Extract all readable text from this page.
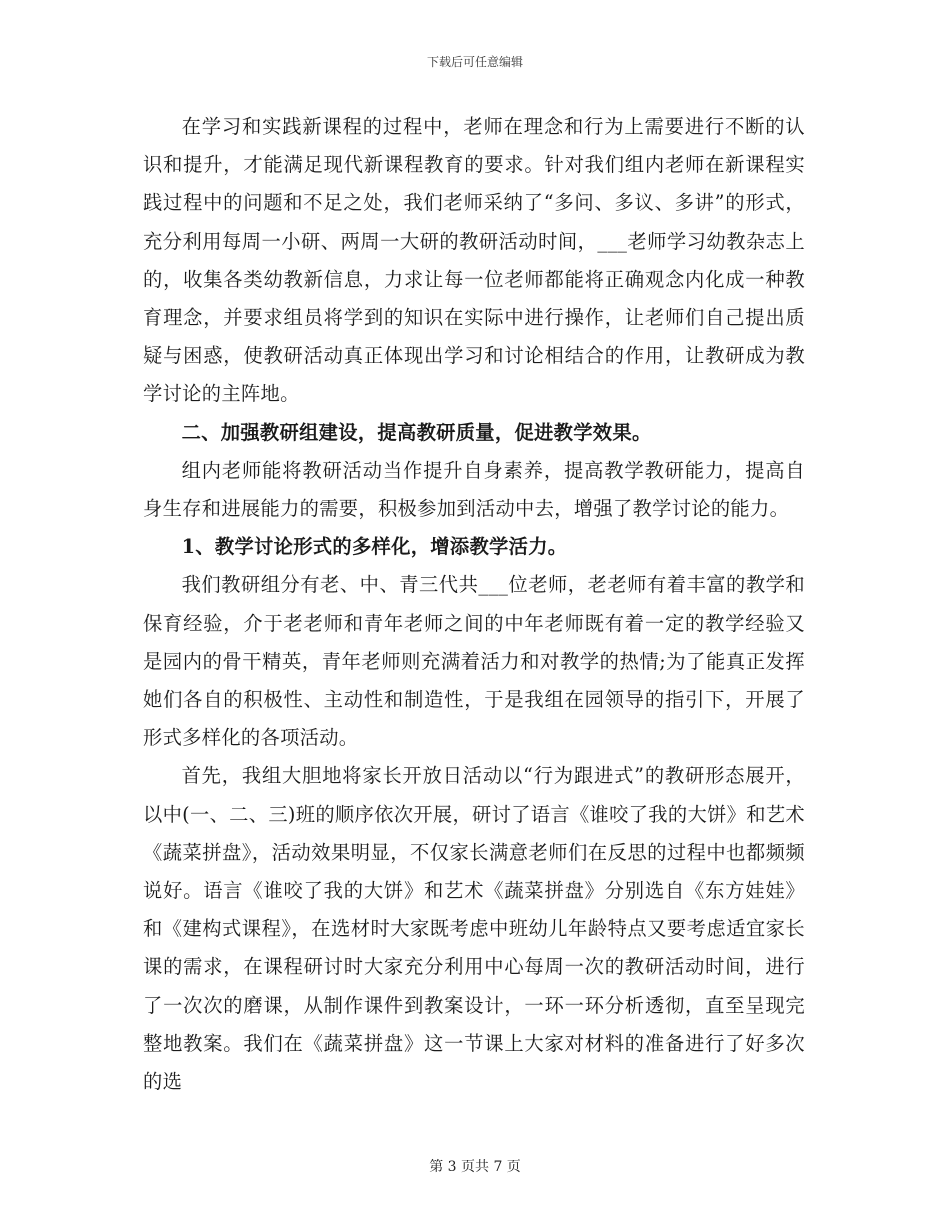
下载后可任意编辑

在学习和实践新课程的过程中，老师在理念和行为上需要进行不断的认识和提升，才能满足现代新课程教育的要求。针对我们组内老师在新课程实践过程中的问题和不足之处，我们老师采纳了“多问、多议、多讲”的形式，充分利用每周一小研、两周一大研的教研活动时间，___老师学习幼教杂志上的，收集各类幼教新信息，力求让每一位老师都能将正确观念内化成一种教育理念，并要求组员将学到的知识在实际中进行操作，让老师们自己提出质疑与困惑，使教研活动真正体现出学习和讨论相结合的作用，让教研成为教学讨论的主阵地。

二、加强教研组建设，提高教研质量，促进教学效果。

组内老师能将教研活动当作提升自身素养，提高教学教研能力，提高自身生存和进展能力的需要，积极参加到活动中去，增强了教学讨论的能力。

1、教学讨论形式的多样化，增添教学活力。

我们教研组分有老、中、青三代共___位老师，老老师有着丰富的教学和保育经验，介于老老师和青年老师之间的中年老师既有着一定的教学经验又是园内的骨干精英，青年老师则充满着活力和对教学的热情;为了能真正发挥她们各自的积极性、主动性和制造性，于是我组在园领导的指引下，开展了形式多样化的各项活动。

首先，我组大胆地将家长开放日活动以“行为跟进式”的教研形态展开，以中(一、二、三)班的顺序依次开展，研讨了语言《谁咬了我的大饼》和艺术《蔬菜拼盘》，活动效果明显，不仅家长满意老师们在反思的过程中也都频频说好。语言《谁咬了我的大饼》和艺术《蔬菜拼盘》分别选自《东方娃娃》和《建构式课程》，在选材时大家既考虑中班幼儿年龄特点又要考虑适宜家长课的需求，在课程研讨时大家充分利用中心每周一次的教研活动时间，进行了一次次的磨课，从制作课件到教案设计，一环一环分析透彻，直至呈现完整地教案。我们在《蔬菜拼盘》这一节课上大家对材料的准备进行了好多次的选

第 3 页共 7 页
